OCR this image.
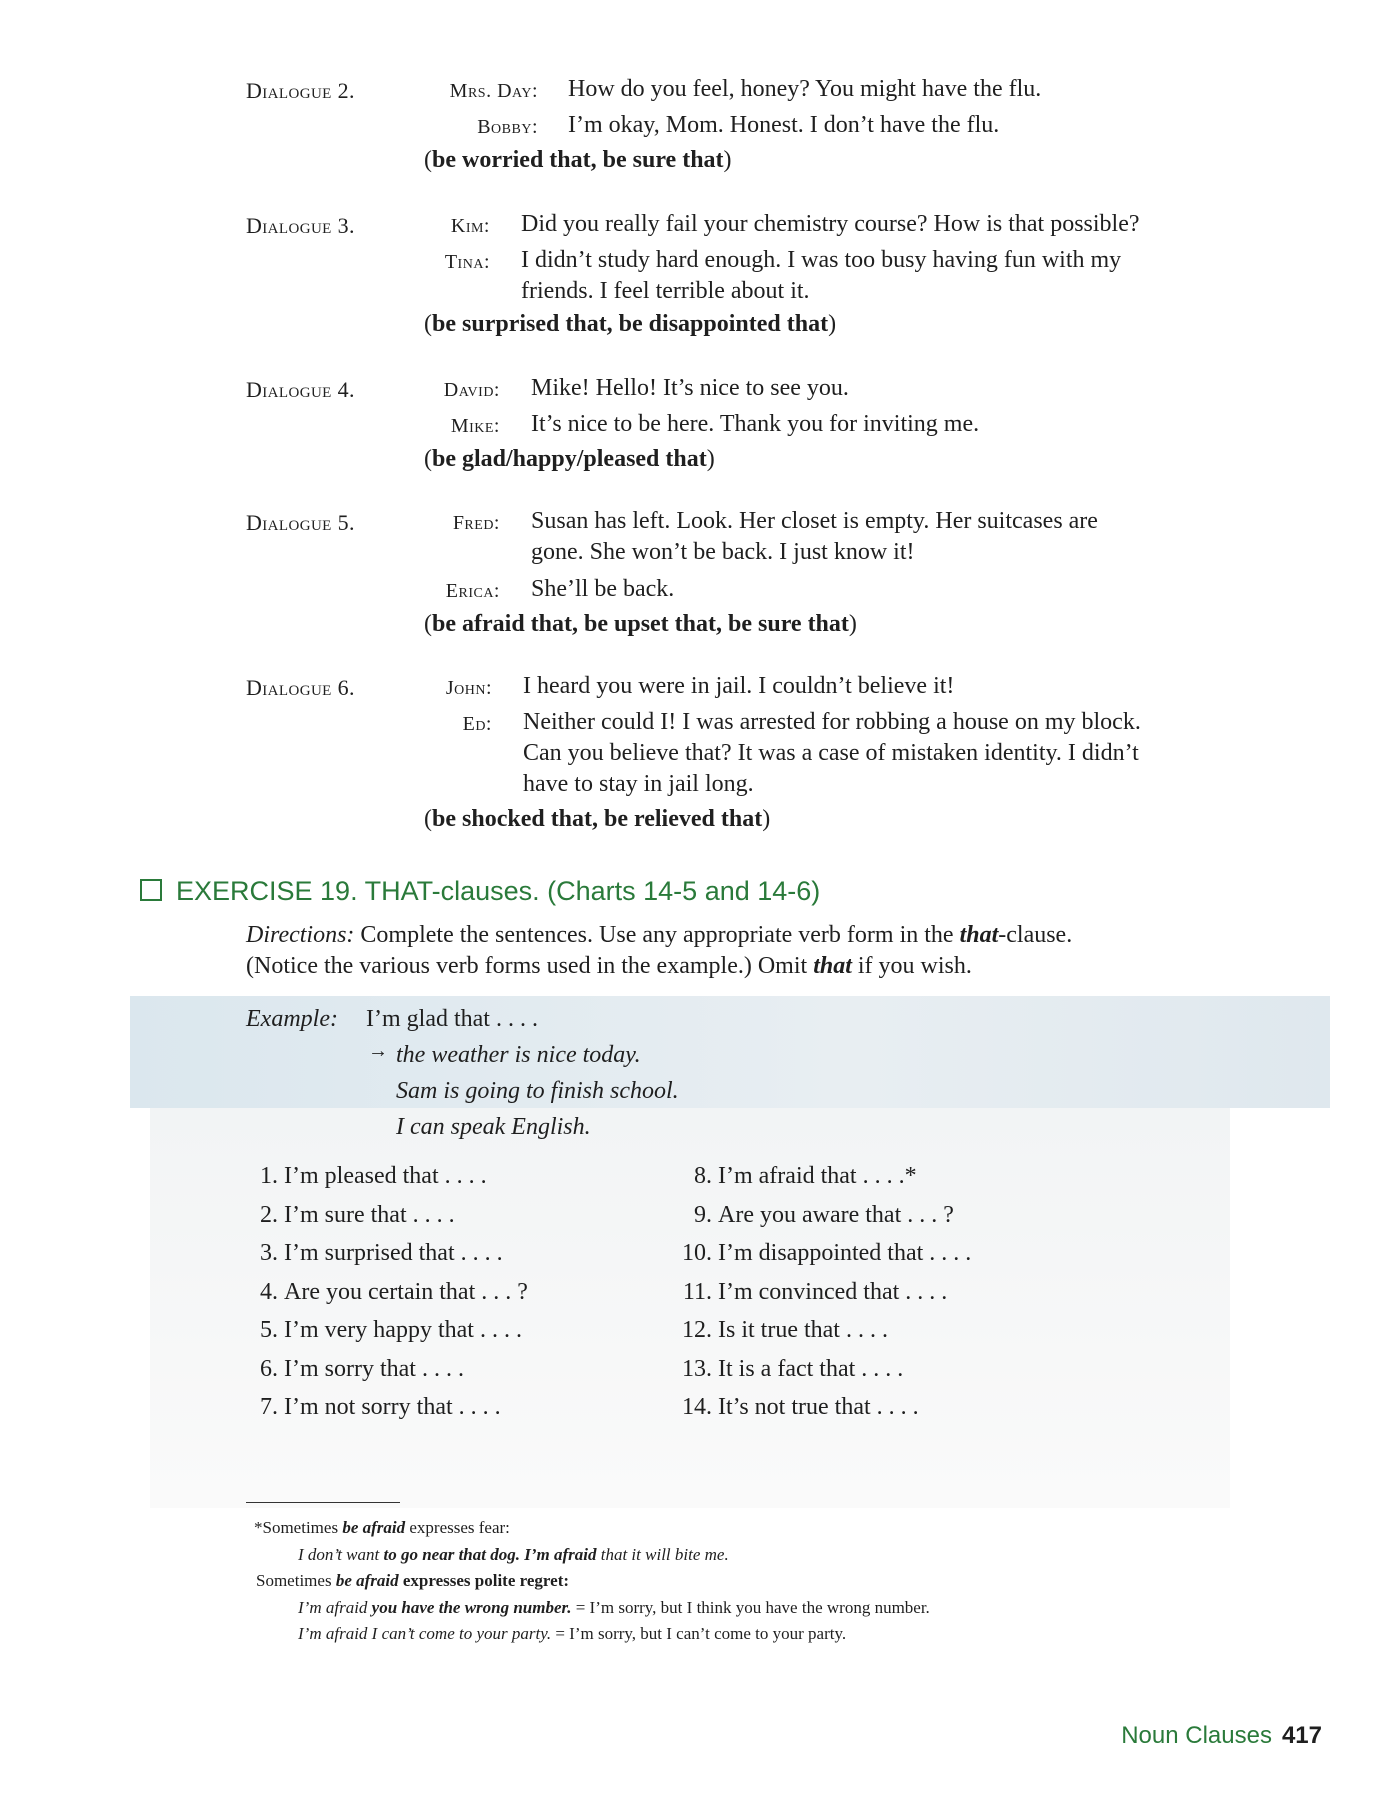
Dialogue 2.	Mrs. Day: How do you feel, honey? You might have the flu.
Bobby: I’m okay, Mom. Honest. I don’t have the flu.
(be worried that, be sure that)
Dialogue 3.	Kim: Did you really fail your chemistry course? How is that possible?
Tina: I didn’t study hard enough. I was too busy having fun with my
friends. I feel terrible about it.
(be surprised that, be disappointed that)
Dialogue 4.	David: Mike! Hello! It’s nice to see you.
Mike: It’s nice to be here. Thank you for inviting me.
(be glad/happy/pleased that)
Dialogue 5.	Fred: Susan has left. Look. Her closet is empty. Her suitcases are
gone. She won’t be back. I just know it!
Erica: She’ll be back.
(be afraid that, be upset that, be sure that)
Dialogue 6.	John: I heard you were in jail. I couldn’t believe it!
Ed: Neither could I! I was arrested for robbing a house on my block.
Can you believe that? It was a case of mistaken identity. I didn’t
have to stay in jail long.
(be shocked that, be relieved that)
EXERCISE 19. THAT-clauses. (Charts 14-5 and 14-6)
Directions: Complete the sentences. Use any appropriate verb form in the that-clause.
(Notice the various verb forms used in the example.) Omit that if you wish.
Example: I’m glad that . . . .
→ the weather is nice today.
Sam is going to finish school.
I can speak English.
1. I’m pleased that . . . .
2. I’m sure that . . . .
3. I’m surprised that . . . .
4. Are you certain that . . . ?
5. I’m very happy that . . . .
6. I’m sorry that . . . .
7. I’m not sorry that . . . .
8. I’m afraid that . . . .*
9. Are you aware that . . . ?
10. I’m disappointed that . . . .
11. I’m convinced that . . . .
12. Is it true that . . . .
13. It is a fact that . . . .
14. It’s not true that . . . .
*Sometimes be afraid expresses fear:
I don’t want to go near that dog. I’m afraid that it will bite me.
Sometimes be afraid expresses polite regret:
I’m afraid you have the wrong number. = I’m sorry, but I think you have the wrong number.
I’m afraid I can’t come to your party. = I’m sorry, but I can’t come to your party.
Noun Clauses 417
